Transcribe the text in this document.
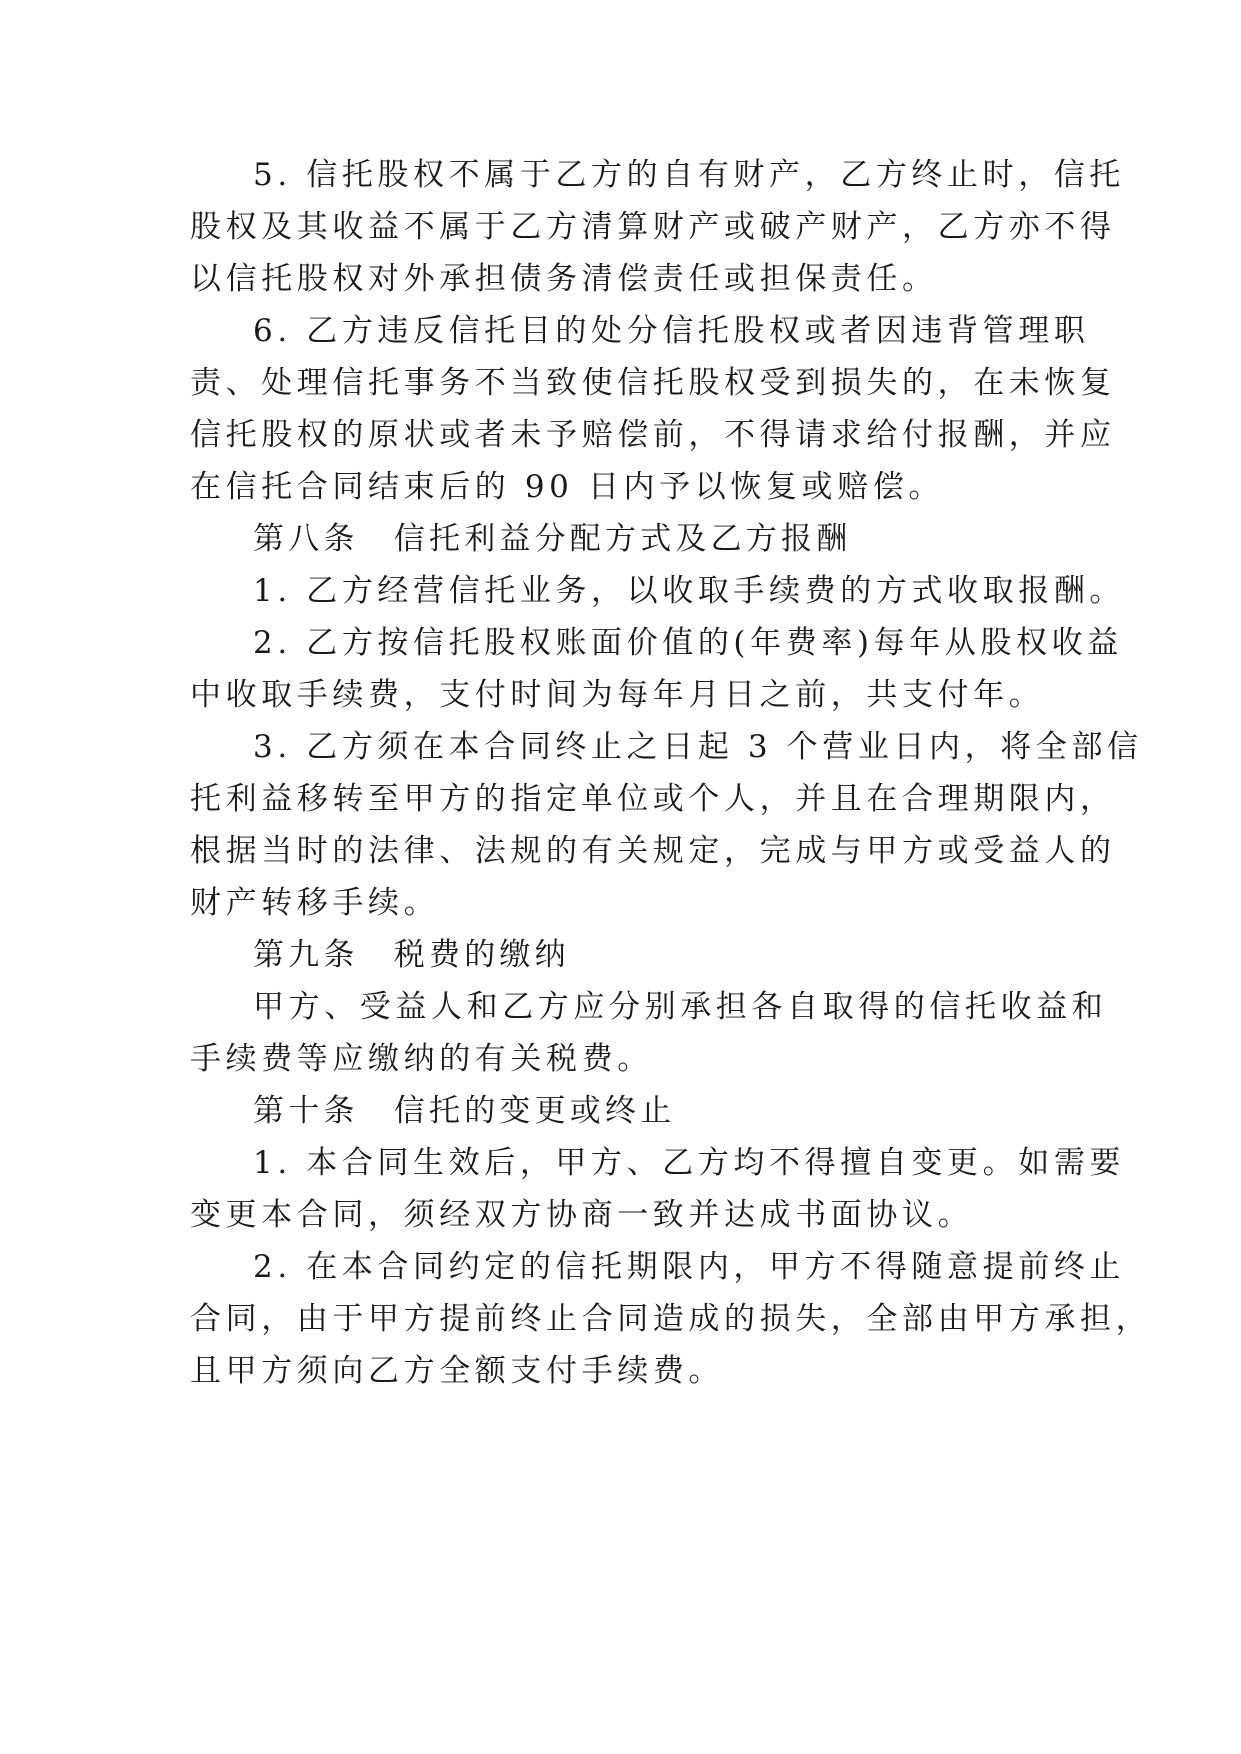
5. 信托股权不属于乙方的自有财产，乙方终止时，信托
股权及其收益不属于乙方清算财产或破产财产，乙方亦不得
以信托股权对外承担债务清偿责任或担保责任。
6. 乙方违反信托目的处分信托股权或者因违背管理职
责、处理信托事务不当致使信托股权受到损失的，在未恢复
信托股权的原状或者未予赔偿前，不得请求给付报酬，并应
在信托合同结束后的 90 日内予以恢复或赔偿。
第八条　信托利益分配方式及乙方报酬
1. 乙方经营信托业务，以收取手续费的方式收取报酬。
2. 乙方按信托股权账面价值的(年费率)每年从股权收益
中收取手续费，支付时间为每年月日之前，共支付年。
3. 乙方须在本合同终止之日起 3 个营业日内，将全部信
托利益移转至甲方的指定单位或个人，并且在合理期限内，
根据当时的法律、法规的有关规定，完成与甲方或受益人的
财产转移手续。
第九条　税费的缴纳
甲方、受益人和乙方应分别承担各自取得的信托收益和
手续费等应缴纳的有关税费。
第十条　信托的变更或终止
1. 本合同生效后，甲方、乙方均不得擅自变更。如需要
变更本合同，须经双方协商一致并达成书面协议。
2. 在本合同约定的信托期限内，甲方不得随意提前终止
合同，由于甲方提前终止合同造成的损失，全部由甲方承担，
且甲方须向乙方全额支付手续费。
